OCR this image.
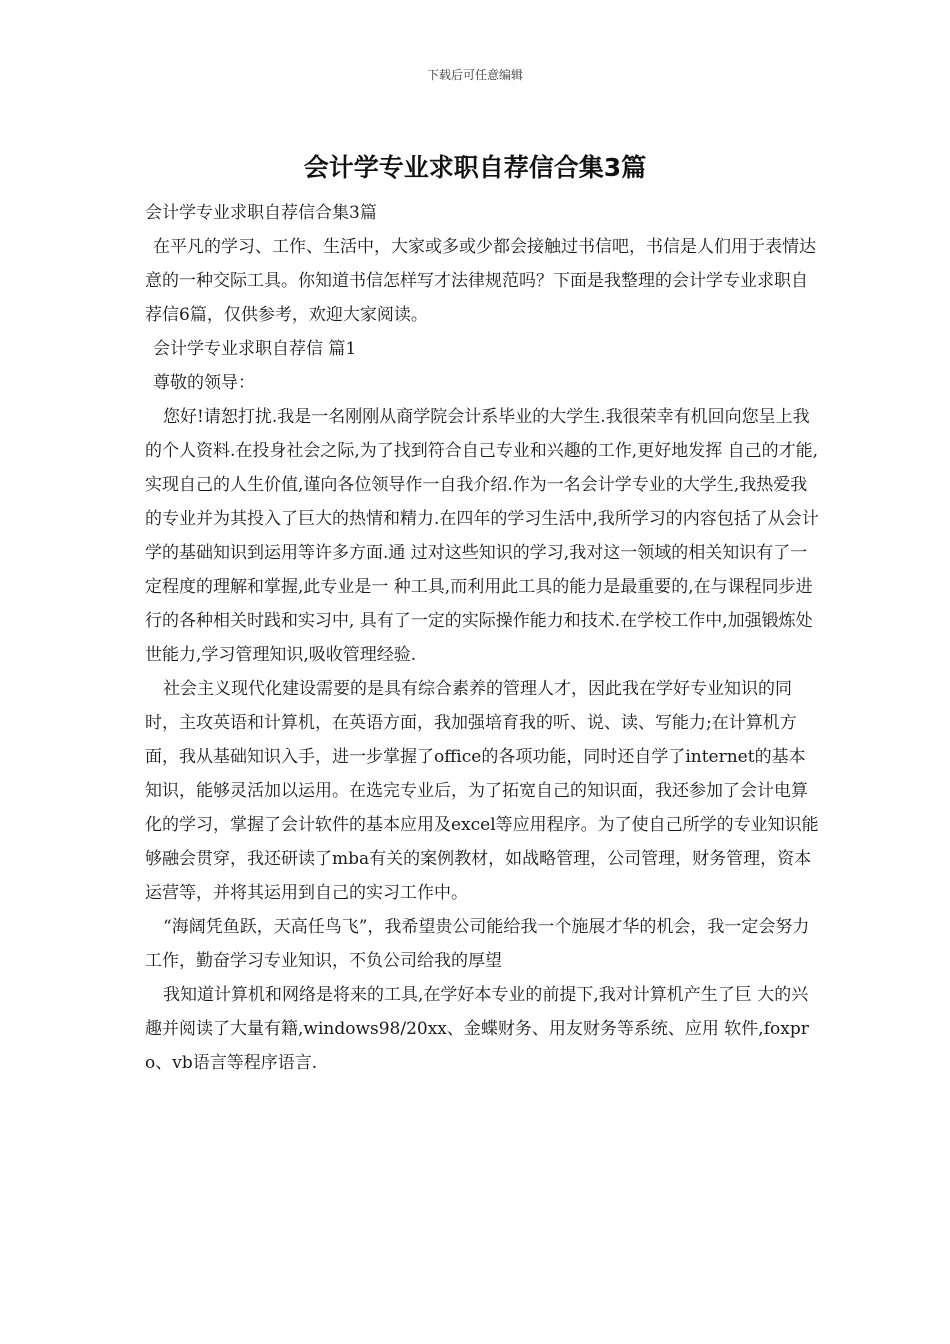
下载后可任意编辑
会计学专业求职自荐信合集3篇

会计学专业求职自荐信合集3篇

在平凡的学习、工作、生活中，大家或多或少都会接触过书信吧，书信是人们用于表情达意的一种交际工具。你知道书信怎样写才法律规范吗？下面是我整理的会计学专业求职自荐信6篇，仅供参考，欢迎大家阅读。

会计学专业求职自荐信 篇1

尊敬的领导：

您好!请恕打扰.我是一名刚刚从商学院会计系毕业的大学生.我很荣幸有机回向您呈上我的个人资料.在投身社会之际,为了找到符合自己专业和兴趣的工作,更好地发挥 自己的才能,实现自己的人生价值,谨向各位领导作一自我介绍.作为一名会计学专业的大学生,我热爱我的专业并为其投入了巨大的热情和精力.在四年的学习生活中,我所学习的内容包括了从会计学的基础知识到运用等许多方面.通 过对这些知识的学习,我对这一领域的相关知识有了一定程度的理解和掌握,此专业是一 种工具,而利用此工具的能力是最重要的,在与课程同步进行的各种相关时践和实习中, 具有了一定的实际操作能力和技术.在学校工作中,加强锻炼处世能力,学习管理知识,吸收管理经验.

社会主义现代化建设需要的是具有综合素养的管理人才，因此我在学好专业知识的同时，主攻英语和计算机，在英语方面，我加强培育我的听、说、读、写能力;在计算机方面，我从基础知识入手，进一步掌握了office的各项功能，同时还自学了internet的基本知识，能够灵活加以运用。在选完专业后，为了拓宽自己的知识面，我还参加了会计电算化的学习，掌握了会计软件的基本应用及excel等应用程序。为了使自己所学的专业知识能够融会贯穿，我还研读了mba有关的案例教材，如战略管理，公司管理，财务管理，资本运营等，并将其运用到自己的实习工作中。

“海阔凭鱼跃，天高任鸟飞”，我希望贵公司能给我一个施展才华的机会，我一定会努力工作，勤奋学习专业知识，不负公司给我的厚望

我知道计算机和网络是将来的工具,在学好本专业的前提下,我对计算机产生了巨 大的兴趣并阅读了大量有籍,windows98/20xx、金蝶财务、用友财务等系统、应用 软件,foxpro、vb语言等程序语言.
